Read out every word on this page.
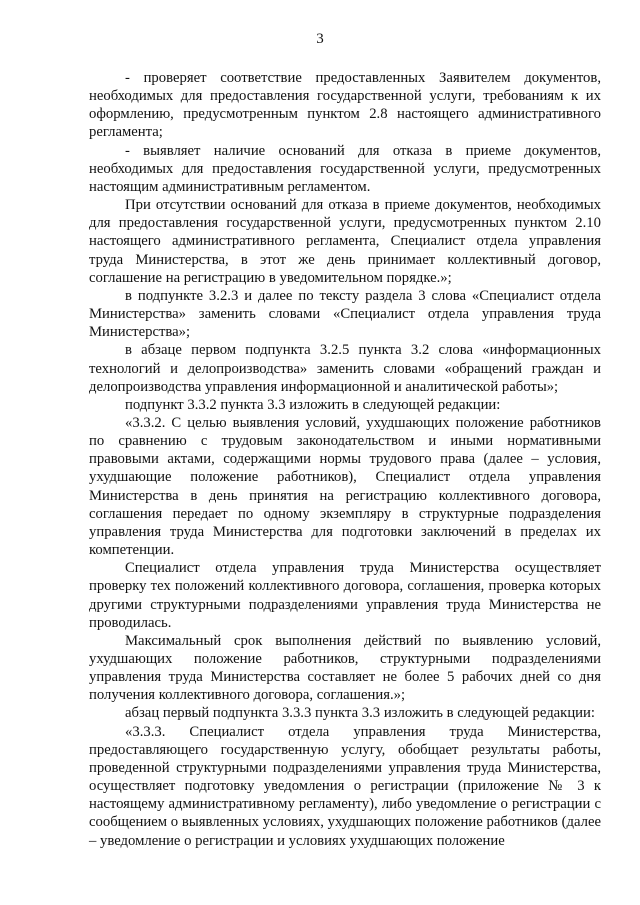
3

- проверяет соответствие предоставленных Заявителем документов, необходимых для предоставления государственной услуги, требованиям к их оформлению, предусмотренным пунктом 2.8 настоящего административного регламента;

- выявляет наличие оснований для отказа в приеме документов, необходимых для предоставления государственной услуги, предусмотренных настоящим административным регламентом.

При отсутствии оснований для отказа в приеме документов, необходимых для предоставления государственной услуги, предусмотренных пунктом 2.10 настоящего административного регламента, Специалист отдела управления труда Министерства, в этот же день принимает коллективный договор, соглашение на регистрацию в уведомительном порядке.»;

в подпункте 3.2.3 и далее по тексту раздела 3 слова «Специалист отдела Министерства» заменить словами «Специалист отдела управления труда Министерства»;

в абзаце первом подпункта 3.2.5 пункта 3.2 слова «информационных технологий и делопроизводства» заменить словами «обращений граждан и делопроизводства управления информационной и аналитической работы»;

подпункт 3.3.2 пункта 3.3 изложить в следующей редакции:

«3.3.2. С целью выявления условий, ухудшающих положение работников по сравнению с трудовым законодательством и иными нормативными правовыми актами, содержащими нормы трудового права (далее – условия, ухудшающие положение работников), Специалист отдела управления Министерства в день принятия на регистрацию коллективного договора, соглашения передает по одному экземпляру в структурные подразделения управления труда Министерства для подготовки заключений в пределах их компетенции.

Специалист отдела управления труда Министерства осуществляет проверку тех положений коллективного договора, соглашения, проверка которых другими структурными подразделениями управления труда Министерства не проводилась.

Максимальный срок выполнения действий по выявлению условий, ухудшающих положение работников, структурными подразделениями управления труда Министерства составляет не более 5 рабочих дней со дня получения коллективного договора, соглашения.»;

абзац первый подпункта 3.3.3 пункта 3.3 изложить в следующей редакции:

«3.3.3. Специалист отдела управления труда Министерства, предоставляющего государственную услугу, обобщает результаты работы, проведенной структурными подразделениями управления труда Министерства, осуществляет подготовку уведомления о регистрации (приложение № 3 к настоящему административному регламенту), либо уведомление о регистрации с сообщением о выявленных условиях, ухудшающих положение работников (далее – уведомление о регистрации и условиях ухудшающих положение
